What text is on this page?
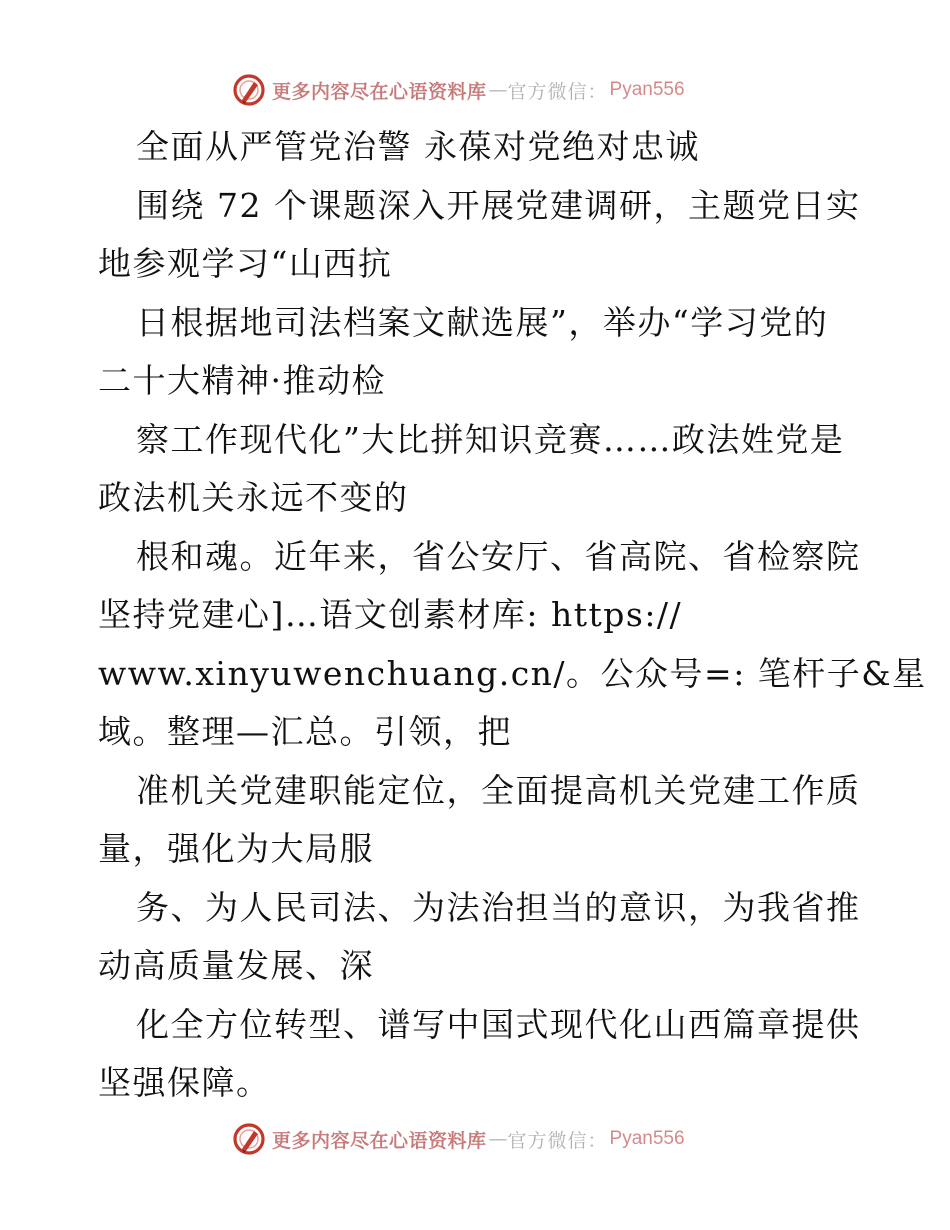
更多内容尽在心语资料库 — 官方微信： Pyan556
全面从严管党治警 永葆对党绝对忠诚
围绕 72 个课题深入开展党建调研，主题党日实
地参观学习“山西抗
日根据地司法档案文献选展”，举办“学习党的
二十大精神·推动检
察工作现代化”大比拼知识竞赛……政法姓党是
政法机关永远不变的
根和魂。近年来，省公安厅、省高院、省检察院
坚持党建心]…语文创素材库: https://
www.xinyuwenchuang.cn/。公众号=: 笔杆子&星
域。整理—汇总。引领，把
准机关党建职能定位，全面提高机关党建工作质
量，强化为大局服
务、为人民司法、为法治担当的意识，为我省推
动高质量发展、深
化全方位转型、谱写中国式现代化山西篇章提供
坚强保障。
更多内容尽在心语资料库 — 官方微信： Pyan556
